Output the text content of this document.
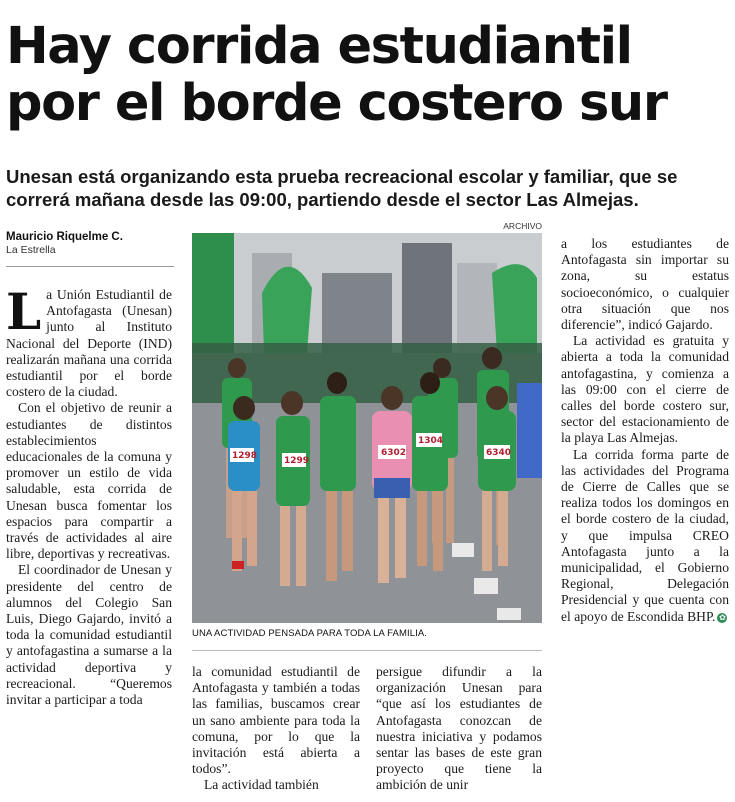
Hay corrida estudiantil por el borde costero sur
Unesan está organizando esta prueba recreacional escolar y familiar, que se correrá mañana desde las 09:00, partiendo desde el sector Las Almejas.
Mauricio Riquelme C.
La Estrella
ARCHIVO
1298	1299
6302	6340
1304
UNA ACTIVIDAD PENSADA PARA TODA LA FAMILIA.

La Unión Estudiantil de Antofagasta (Unesan) junto al Instituto Nacional del Deporte (IND) realizarán mañana una corrida estudiantil por el borde costero de la ciudad.

Con el objetivo de reunir a estudiantes de distintos establecimientos educacionales de la comuna y promover un estilo de vida saludable, esta corrida de Unesan busca fomentar los espacios para compartir a través de actividades al aire libre, deportivas y recreativas.

El coordinador de Unesan y presidente del centro de alumnos del Colegio San Luis, Diego Gajardo, invitó a toda la comunidad estudiantil y antofagastina a sumarse a la actividad deportiva y recreacional. “Queremos invitar a participar a toda

la comunidad estudiantil de Antofagasta y también a todas las familias, buscamos crear un sano ambiente para toda la comuna, por lo que la invitación está abierta a todos”.

La actividad también

persigue difundir a la organización Unesan para “que así los estudiantes de Antofagasta conozcan de nuestra iniciativa y podamos sentar las bases de este gran proyecto que tiene la ambición de unir

a los estudiantes de Antofagasta sin importar su zona, su estatus socioeconómico, o cualquier otra situación que nos diferencie”, indicó Gajardo.

La actividad es gratuita y abierta a toda la comunidad antofagastina, y comienza a las 09:00 con el cierre de calles del borde costero sur, sector del estacionamiento de la playa Las Almejas.

La corrida forma parte de las actividades del Programa de Cierre de Calles que se realiza todos los domingos en el borde costero de la ciudad, y que impulsa CREO Antofagasta junto a la municipalidad, el Gobierno Regional, Delegación Presidencial y que cuenta con el apoyo de Escondida BHP. ✿
